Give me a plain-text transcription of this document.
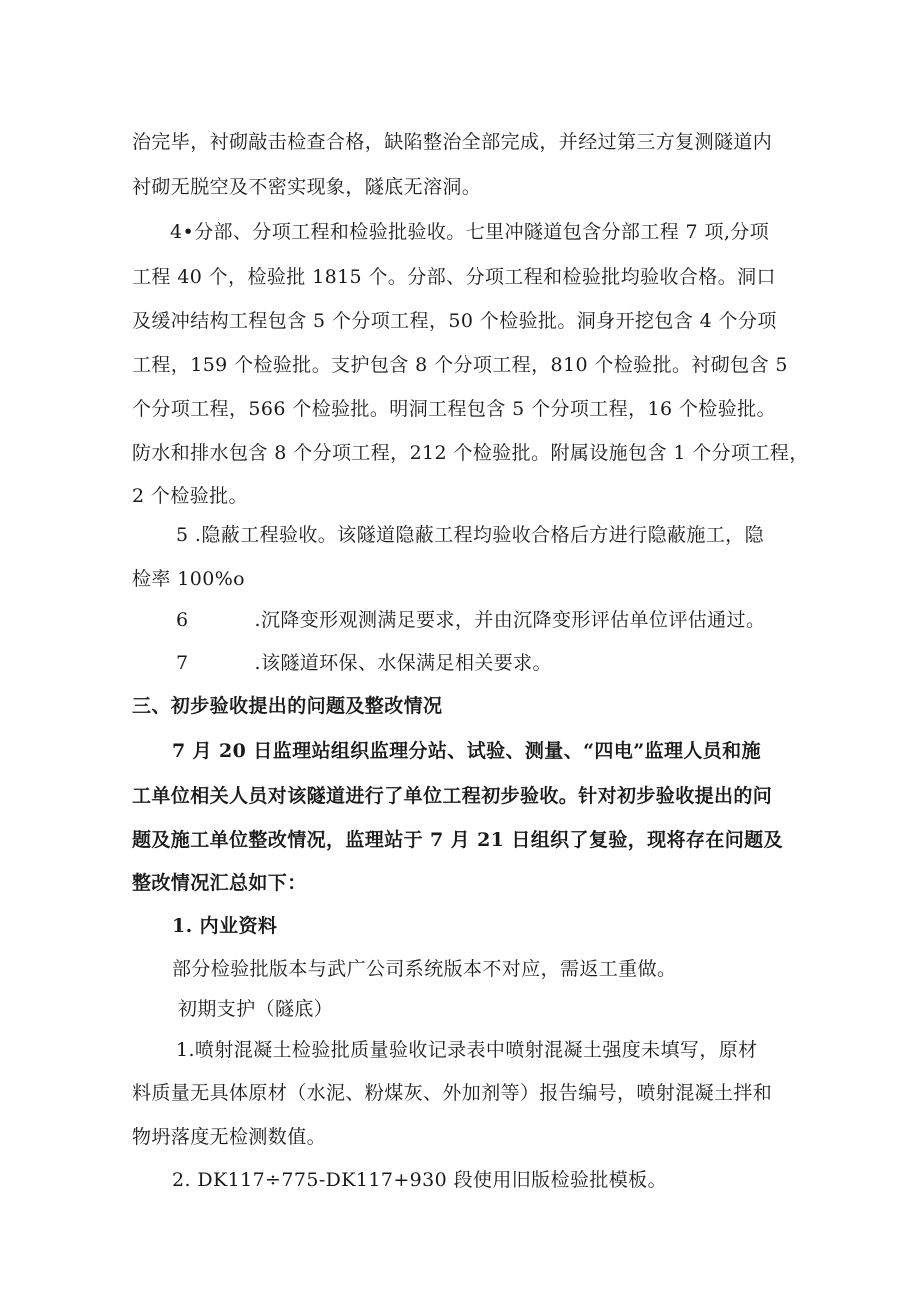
治完毕，衬砌敲击检查合格，缺陷整治全部完成，并经过第三方复测隧道内
衬砌无脱空及不密实现象，隧底无溶洞。
4•分部、分项工程和检验批验收。七里冲隧道包含分部工程 7 项,分项
工程 40 个，检验批 1815 个。分部、分项工程和检验批均验收合格。洞口
及缓冲结构工程包含 5 个分项工程，50 个检验批。洞身开挖包含 4 个分项
工程，159 个检验批。支护包含 8 个分项工程，810 个检验批。衬砌包含 5
个分项工程，566 个检验批。明洞工程包含 5 个分项工程，16 个检验批。
防水和排水包含 8 个分项工程，212 个检验批。附属设施包含 1 个分项工程，
2 个检验批。
5 .隐蔽工程验收。该隧道隐蔽工程均验收合格后方进行隐蔽施工，隐
检率 100%o
6	.沉降变形观测满足要求，并由沉降变形评估单位评估通过。
7	.该隧道环保、水保满足相关要求。
三、初步验收提出的问题及整改情况
7 月 20 日监理站组织监理分站、试验、测量、“四电”监理人员和施
工单位相关人员对该隧道进行了单位工程初步验收。针对初步验收提出的问
题及施工单位整改情况，监理站于 7 月 21 日组织了复验，现将存在问题及
整改情况汇总如下：
1. 内业资料
部分检验批版本与武广公司系统版本不对应，需返工重做。
初期支护（隧底）
1.喷射混凝土检验批质量验收记录表中喷射混凝土强度未填写，原材
料质量无具体原材（水泥、粉煤灰、外加剂等）报告编号，喷射混凝土拌和
物坍落度无检测数值。
2. DK117÷775-DK117+930 段使用旧版检验批模板。
